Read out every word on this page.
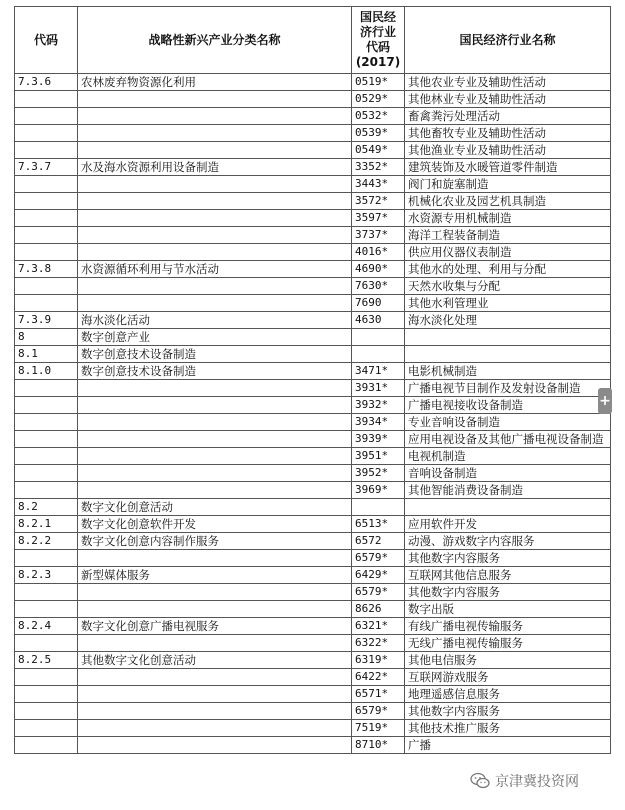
代码	战略性新兴产业分类名称	国民经济行业代码(2017)	国民经济行业名称
7.3.6	农林废弃物资源化利用	0519*	其他农业专业及辅助性活动
		0529*	其他林业专业及辅助性活动
		0532*	畜禽粪污处理活动
		0539*	其他畜牧专业及辅助性活动
		0549*	其他渔业专业及辅助性活动
7.3.7	水及海水资源利用设备制造	3352*	建筑装饰及水暖管道零件制造
		3443*	阀门和旋塞制造
		3572*	机械化农业及园艺机具制造
		3597*	水资源专用机械制造
		3737*	海洋工程装备制造
		4016*	供应用仪器仪表制造
7.3.8	水资源循环利用与节水活动	4690*	其他水的处理、利用与分配
		7630*	天然水收集与分配
		7690	其他水利管理业
7.3.9	海水淡化活动	4630	海水淡化处理
8	数字创意产业		
8.1	数字创意技术设备制造		
8.1.0	数字创意技术设备制造	3471*	电影机械制造
		3931*	广播电视节目制作及发射设备制造
		3932*	广播电视接收设备制造
		3934*	专业音响设备制造
		3939*	应用电视设备及其他广播电视设备制造
		3951*	电视机制造
		3952*	音响设备制造
		3969*	其他智能消费设备制造
8.2	数字文化创意活动		
8.2.1	数字文化创意软件开发	6513*	应用软件开发
8.2.2	数字文化创意内容制作服务	6572	动漫、游戏数字内容服务
		6579*	其他数字内容服务
8.2.3	新型媒体服务	6429*	互联网其他信息服务
		6579*	其他数字内容服务
		8626	数字出版
8.2.4	数字文化创意广播电视服务	6321*	有线广播电视传输服务
		6322*	无线广播电视传输服务
8.2.5	其他数字文化创意活动	6319*	其他电信服务
		6422*	互联网游戏服务
		6571*	地理遥感信息服务
		6579*	其他数字内容服务
		7519*	其他技术推广服务
		8710*	广播
+
京津冀投资网
